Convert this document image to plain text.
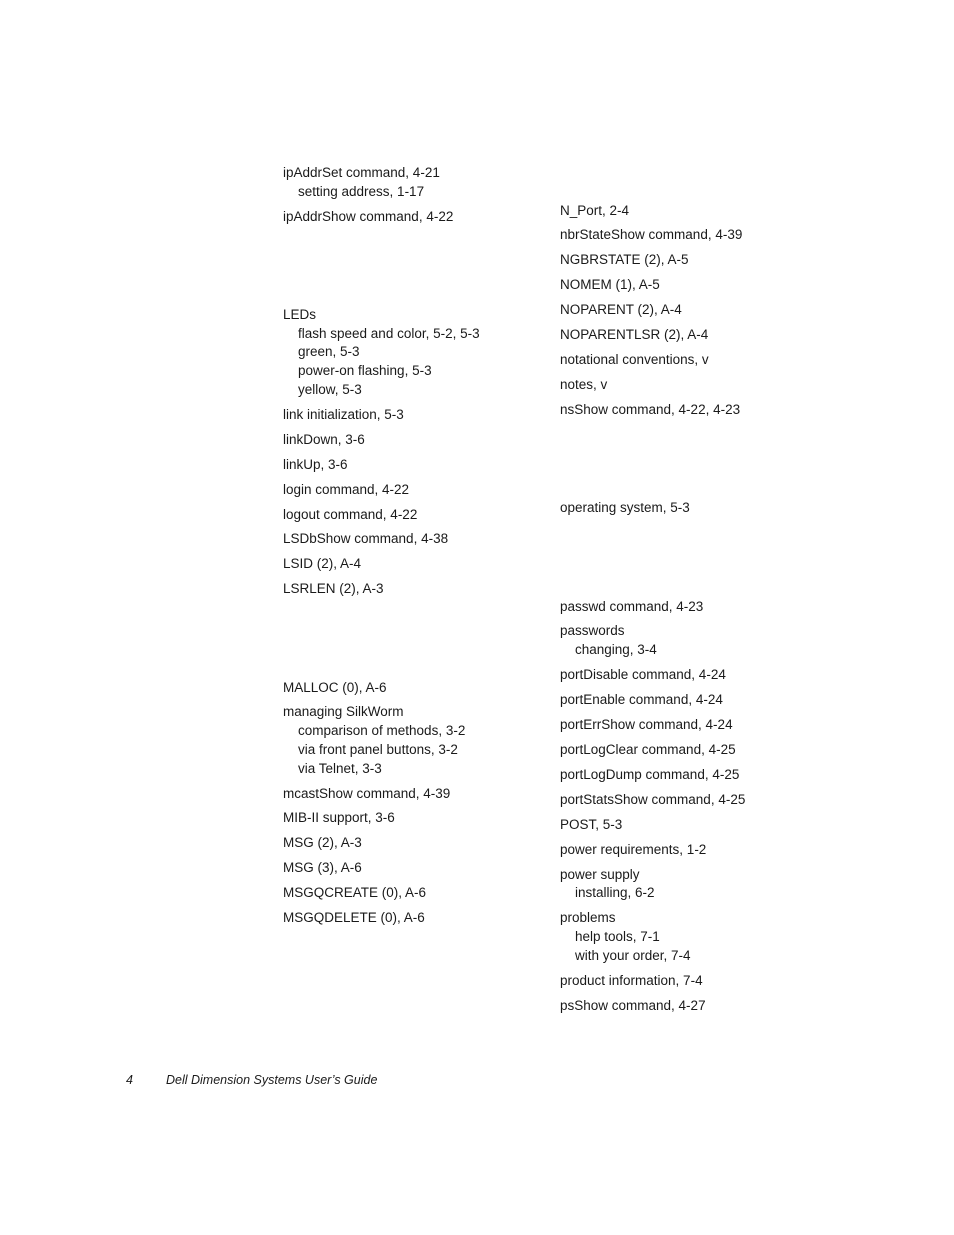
ipAddrSet command, 4-21
setting address, 1-17
ipAddrShow command, 4-22
LEDs
flash speed and color, 5-2, 5-3
green, 5-3
power-on flashing, 5-3
yellow, 5-3
link initialization, 5-3
linkDown, 3-6
linkUp, 3-6
login command, 4-22
logout command, 4-22
LSDbShow command, 4-38
LSID (2), A-4
LSRLEN (2), A-3
MALLOC (0), A-6
managing SilkWorm
comparison of methods, 3-2
via front panel buttons, 3-2
via Telnet, 3-3
mcastShow command, 4-39
MIB-II support, 3-6
MSG (2), A-3
MSG (3), A-6
MSGQCREATE (0), A-6
MSGQDELETE (0), A-6
N_Port, 2-4
nbrStateShow command, 4-39
NGBRSTATE (2), A-5
NOMEM (1), A-5
NOPARENT (2), A-4
NOPARENTLSR (2), A-4
notational conventions, v
notes, v
nsShow command, 4-22, 4-23
operating system, 5-3
passwd command, 4-23
passwords
changing, 3-4
portDisable command, 4-24
portEnable command, 4-24
portErrShow command, 4-24
portLogClear command, 4-25
portLogDump command, 4-25
portStatsShow command, 4-25
POST, 5-3
power requirements, 1-2
power supply
installing, 6-2
problems
help tools, 7-1
with your order, 7-4
product information, 7-4
psShow command, 4-27
4	Dell Dimension Systems User’s Guide
